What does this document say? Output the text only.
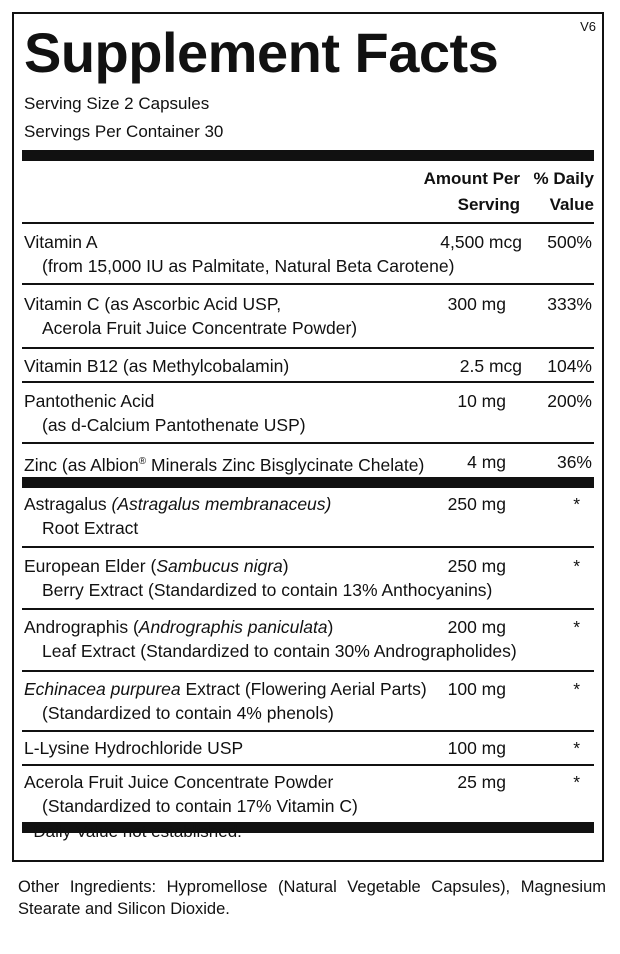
Supplement Facts	V6
Serving Size 2 Capsules
Servings Per Container 30
Amount Per
Serving
% Daily
Value
Vitamin A
(from 15,000 IU as Palmitate, Natural Beta Carotene)
4,500 mcg 500%
Vitamin C (as Ascorbic Acid USP,
Acerola Fruit Juice Concentrate Powder)
300 mg 333%
Vitamin B12 (as Methylcobalamin)	2.5 mcg 104%
Pantothenic Acid
(as d-Calcium Pantothenate USP)
10 mg 200%
Zinc (as Albion® Minerals Zinc Bisglycinate Chelate) 4 mg	36%
Astragalus (Astragalus membranaceus)
Root Extract
250 mg	*
European Elder (Sambucus nigra)
Berry Extract (Standardized to contain 13% Anthocyanins)
250 mg	*
Andrographis (Andrographis paniculata)
Leaf Extract (Standardized to contain 30% Andrographolides)
200 mg	*
Echinacea purpurea Extract (Flowering Aerial Parts)
(Standardized to contain 4% phenols)
100 mg	*
L-Lysine Hydrochloride USP	100 mg	*
Acerola Fruit Juice Concentrate Powder
(Standardized to contain 17% Vitamin C)
25 mg	*
* Daily Value not established.
Other Ingredients: Hypromellose (Natural Vegetable Capsules), Magnesium Stearate and Silicon Dioxide.
